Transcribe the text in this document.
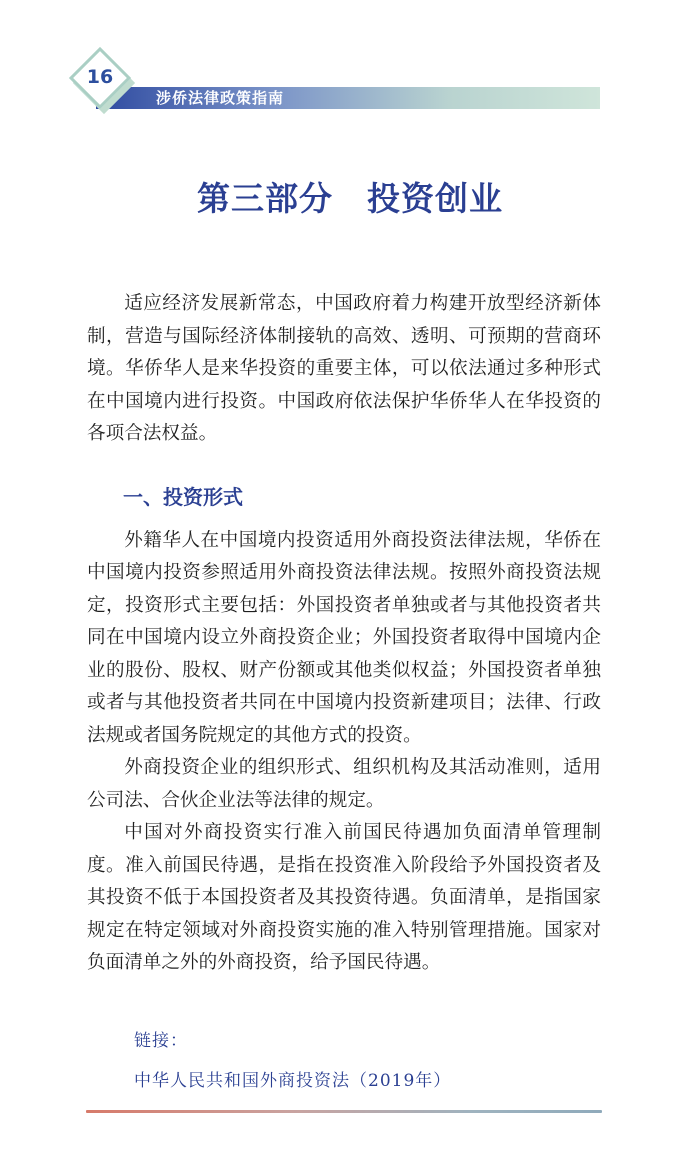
16
涉侨法律政策指南
第三部分　投资创业

适应经济发展新常态，中国政府着力构建开放型经济新体制，营造与国际经济体制接轨的高效、透明、可预期的营商环境。华侨华人是来华投资的重要主体，可以依法通过多种形式在中国境内进行投资。中国政府依法保护华侨华人在华投资的各项合法权益。

一、投资形式

外籍华人在中国境内投资适用外商投资法律法规，华侨在中国境内投资参照适用外商投资法律法规。按照外商投资法规定，投资形式主要包括：外国投资者单独或者与其他投资者共同在中国境内设立外商投资企业；外国投资者取得中国境内企业的股份、股权、财产份额或其他类似权益；外国投资者单独或者与其他投资者共同在中国境内投资新建项目；法律、行政法规或者国务院规定的其他方式的投资。

外商投资企业的组织形式、组织机构及其活动准则，适用公司法、合伙企业法等法律的规定。

中国对外商投资实行准入前国民待遇加负面清单管理制度。准入前国民待遇，是指在投资准入阶段给予外国投资者及其投资不低于本国投资者及其投资待遇。负面清单，是指国家规定在特定领域对外商投资实施的准入特别管理措施。国家对负面清单之外的外商投资，给予国民待遇。

链接：
中华人民共和国外商投资法（2019年）
